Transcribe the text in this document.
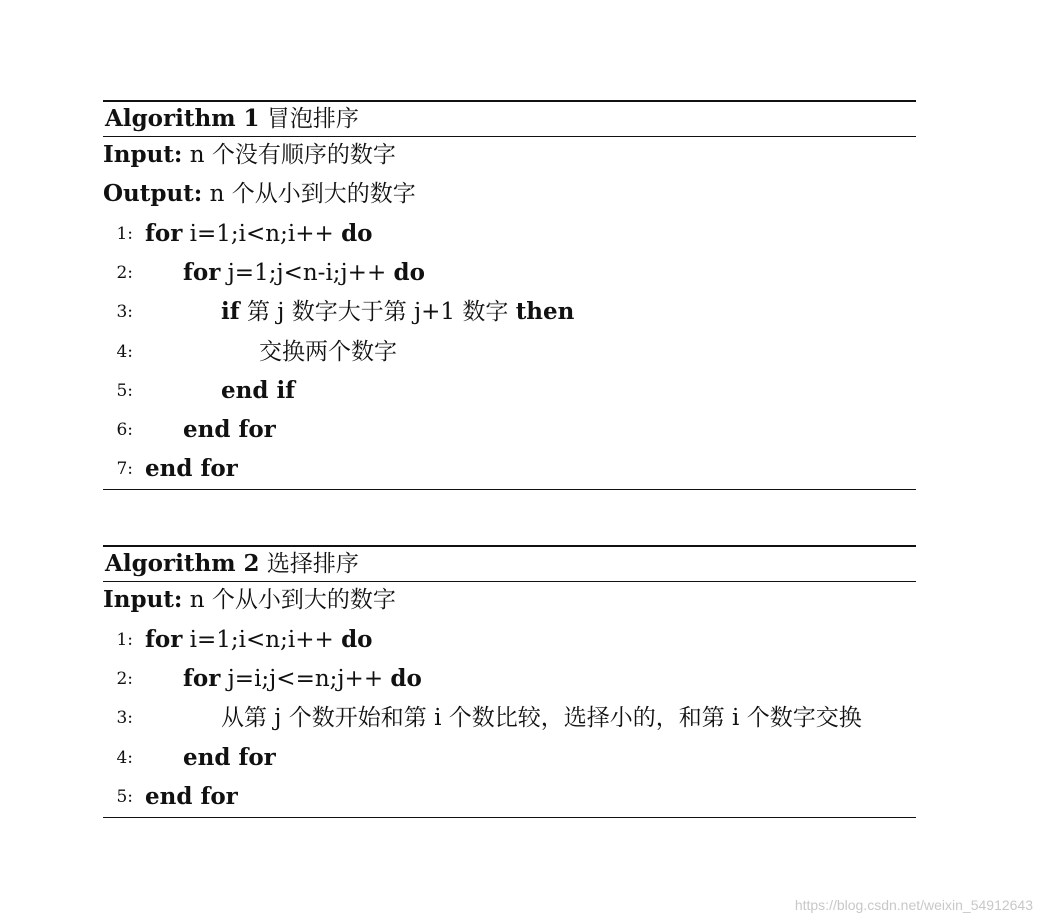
Algorithm 1 冒泡排序
Input: n 个没有顺序的数字
Output: n 个从小到大的数字
1: for i=1;i<n;i++ do
2: for j=1;j<n-i;j++ do
3:	if 第 j 数字大于第 j+1 数字 then
4:	交换两个数字
5:	end if
6: end for
7: end for
Algorithm 2 选择排序
Input: n 个从小到大的数字
1: for i=1;i<n;i++ do
2: for j=i;j<=n;j++ do
3:	从第 j 个数开始和第 i 个数比较，选择小的，和第 i 个数字交换
4: end for
5: end for
https://blog.csdn.net/weixin_54912643
